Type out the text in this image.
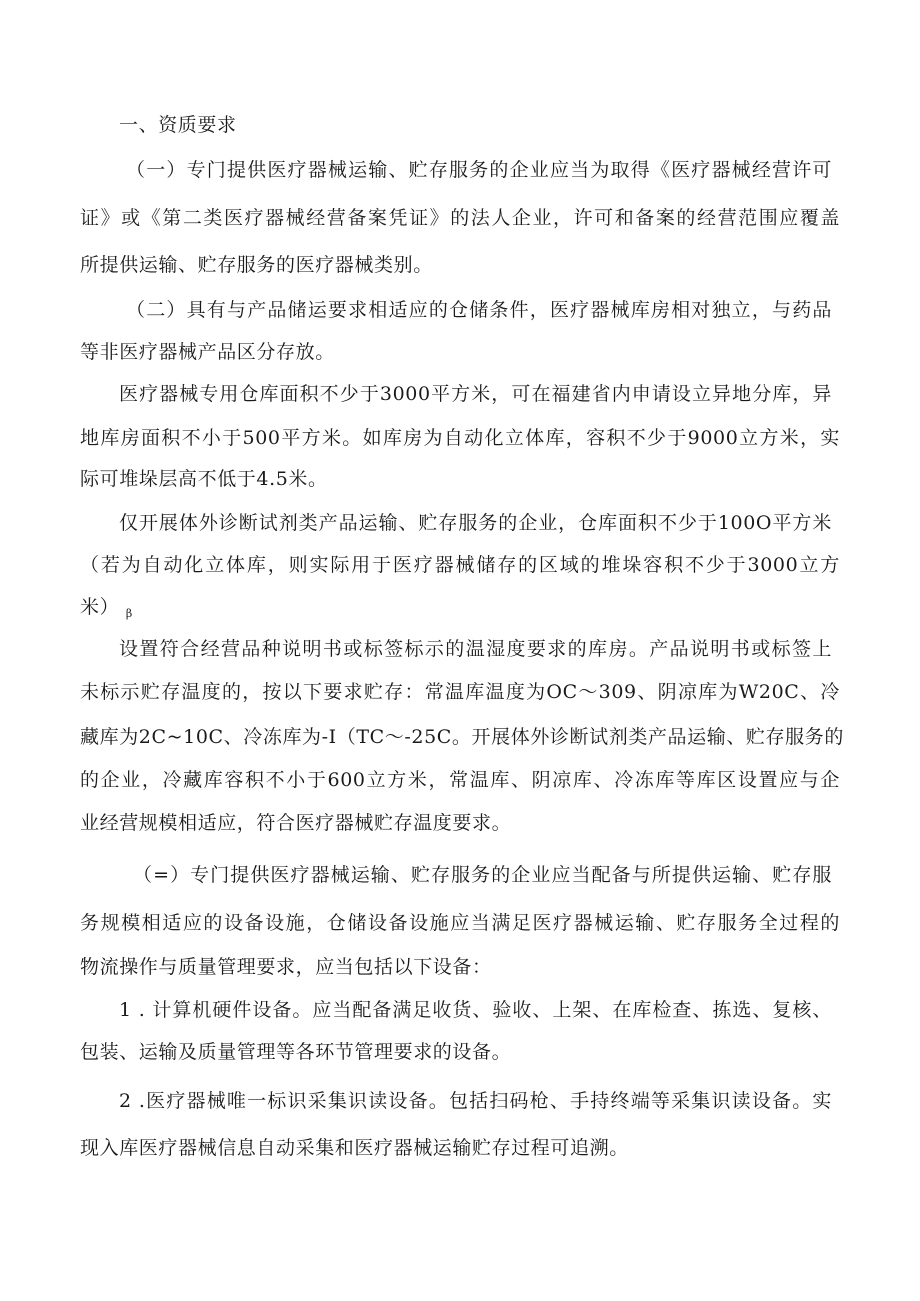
一、资质要求
（一）专门提供医疗器械运输、贮存服务的企业应当为取得《医疗器械经营许可
证》或《第二类医疗器械经营备案凭证》的法人企业，许可和备案的经营范围应覆盖
所提供运输、贮存服务的医疗器械类别。
（二）具有与产品储运要求相适应的仓储条件，医疗器械库房相对独立，与药品
等非医疗器械产品区分存放。
医疗器械专用仓库面积不少于3000平方米，可在福建省内申请设立异地分库，异
地库房面积不小于500平方米。如库房为自动化立体库，容积不少于9000立方米，实
际可堆垛层高不低于4.5米。
仅开展体外诊断试剂类产品运输、贮存服务的企业，仓库面积不少于100O平方米
（若为自动化立体库，则实际用于医疗器械储存的区域的堆垛容积不少于3000立方
米） $_\beta$
设置符合经营品种说明书或标签标示的温湿度要求的库房。产品说明书或标签上
未标示贮存温度的，按以下要求贮存：常温库温度为OC～309、阴凉库为W20C、冷
藏库为2C~10C、冷冻库为-I（TC～-25C。开展体外诊断试剂类产品运输、贮存服务的
的企业，冷藏库容积不小于600立方米，常温库、阴凉库、冷冻库等库区设置应与企
业经营规模相适应，符合医疗器械贮存温度要求。
（=）专门提供医疗器械运输、贮存服务的企业应当配备与所提供运输、贮存服
务规模相适应的设备设施，仓储设备设施应当满足医疗器械运输、贮存服务全过程的
物流操作与质量管理要求，应当包括以下设备：
1 . 计算机硬件设备。应当配备满足收货、验收、上架、在库检查、拣选、复核、
包装、运输及质量管理等各环节管理要求的设备。
2 .医疗器械唯一标识采集识读设备。包括扫码枪、手持终端等采集识读设备。实
现入库医疗器械信息自动采集和医疗器械运输贮存过程可追溯。
